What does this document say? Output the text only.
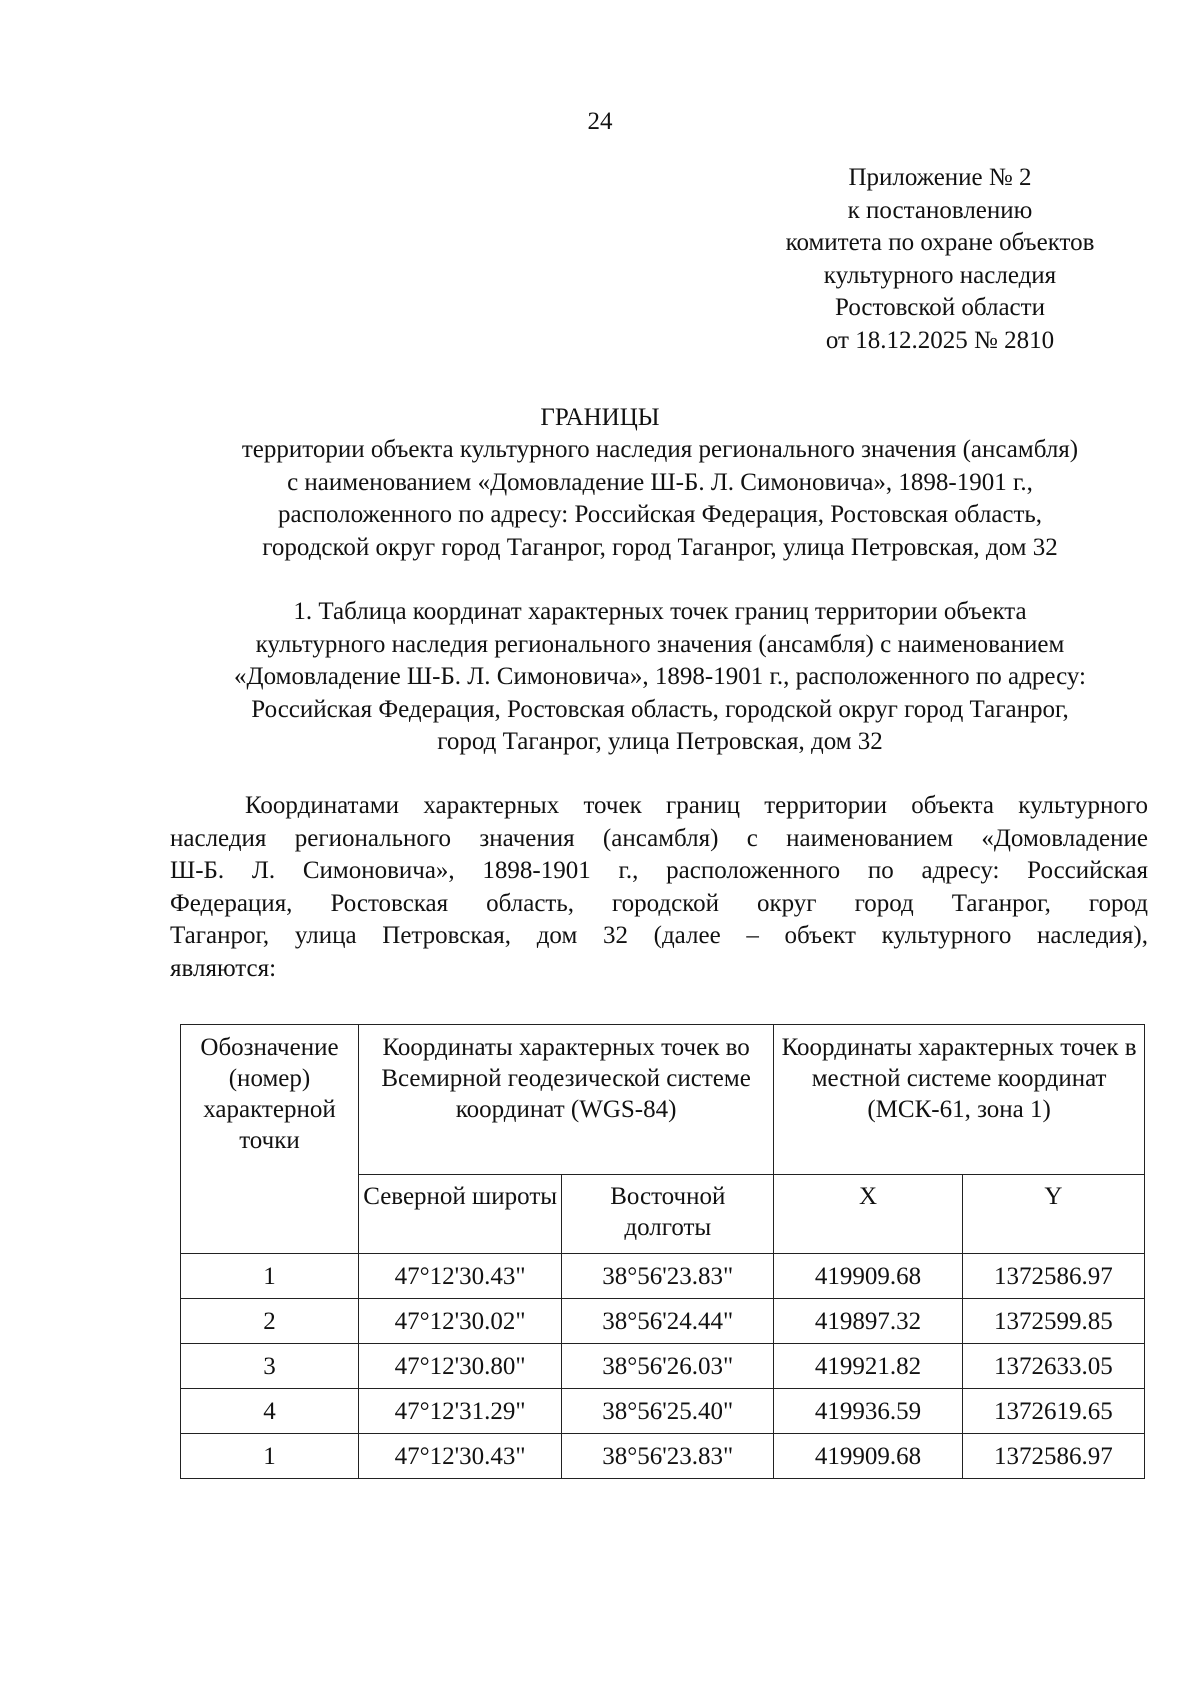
24
Приложение № 2
к постановлению
комитета по охране объектов
культурного наследия
Ростовской области
от 18.12.2025 № 2810
ГРАНИЦЫ
территории объекта культурного наследия регионального значения (ансамбля)
с наименованием «Домовладение Ш-Б. Л. Симоновича», 1898-1901 г.,
расположенного по адресу: Российская Федерация, Ростовская область,
городской округ город Таганрог, город Таганрог, улица Петровская, дом 32
1. Таблица координат характерных точек границ территории объекта
культурного наследия регионального значения (ансамбля) с наименованием
«Домовладение Ш-Б. Л. Симоновича», 1898-1901 г., расположенного по адресу:
Российская Федерация, Ростовская область, городской округ город Таганрог,
город Таганрог, улица Петровская, дом 32
Координатами характерных точек границ территории объекта культурного
наследия регионального значения (ансамбля) с наименованием «Домовладение
Ш-Б. Л. Симоновича», 1898-1901 г., расположенного по адресу: Российская
Федерация, Ростовская область, городской округ город Таганрог, город
Таганрог, улица Петровская, дом 32 (далее – объект культурного наследия),
являются:
Обозначение (номер) характерной точки	Координаты характерных точек во Всемирной геодезической системе координат (WGS-84)		Координаты характерных точек в местной системе координат (МСК-61, зона 1)	
	Северной широты	Восточной долготы	X	Y
1	47°12'30.43"	38°56'23.83"	419909.68	1372586.97
2	47°12'30.02"	38°56'24.44"	419897.32	1372599.85
3	47°12'30.80"	38°56'26.03"	419921.82	1372633.05
4	47°12'31.29"	38°56'25.40"	419936.59	1372619.65
1	47°12'30.43"	38°56'23.83"	419909.68	1372586.97
